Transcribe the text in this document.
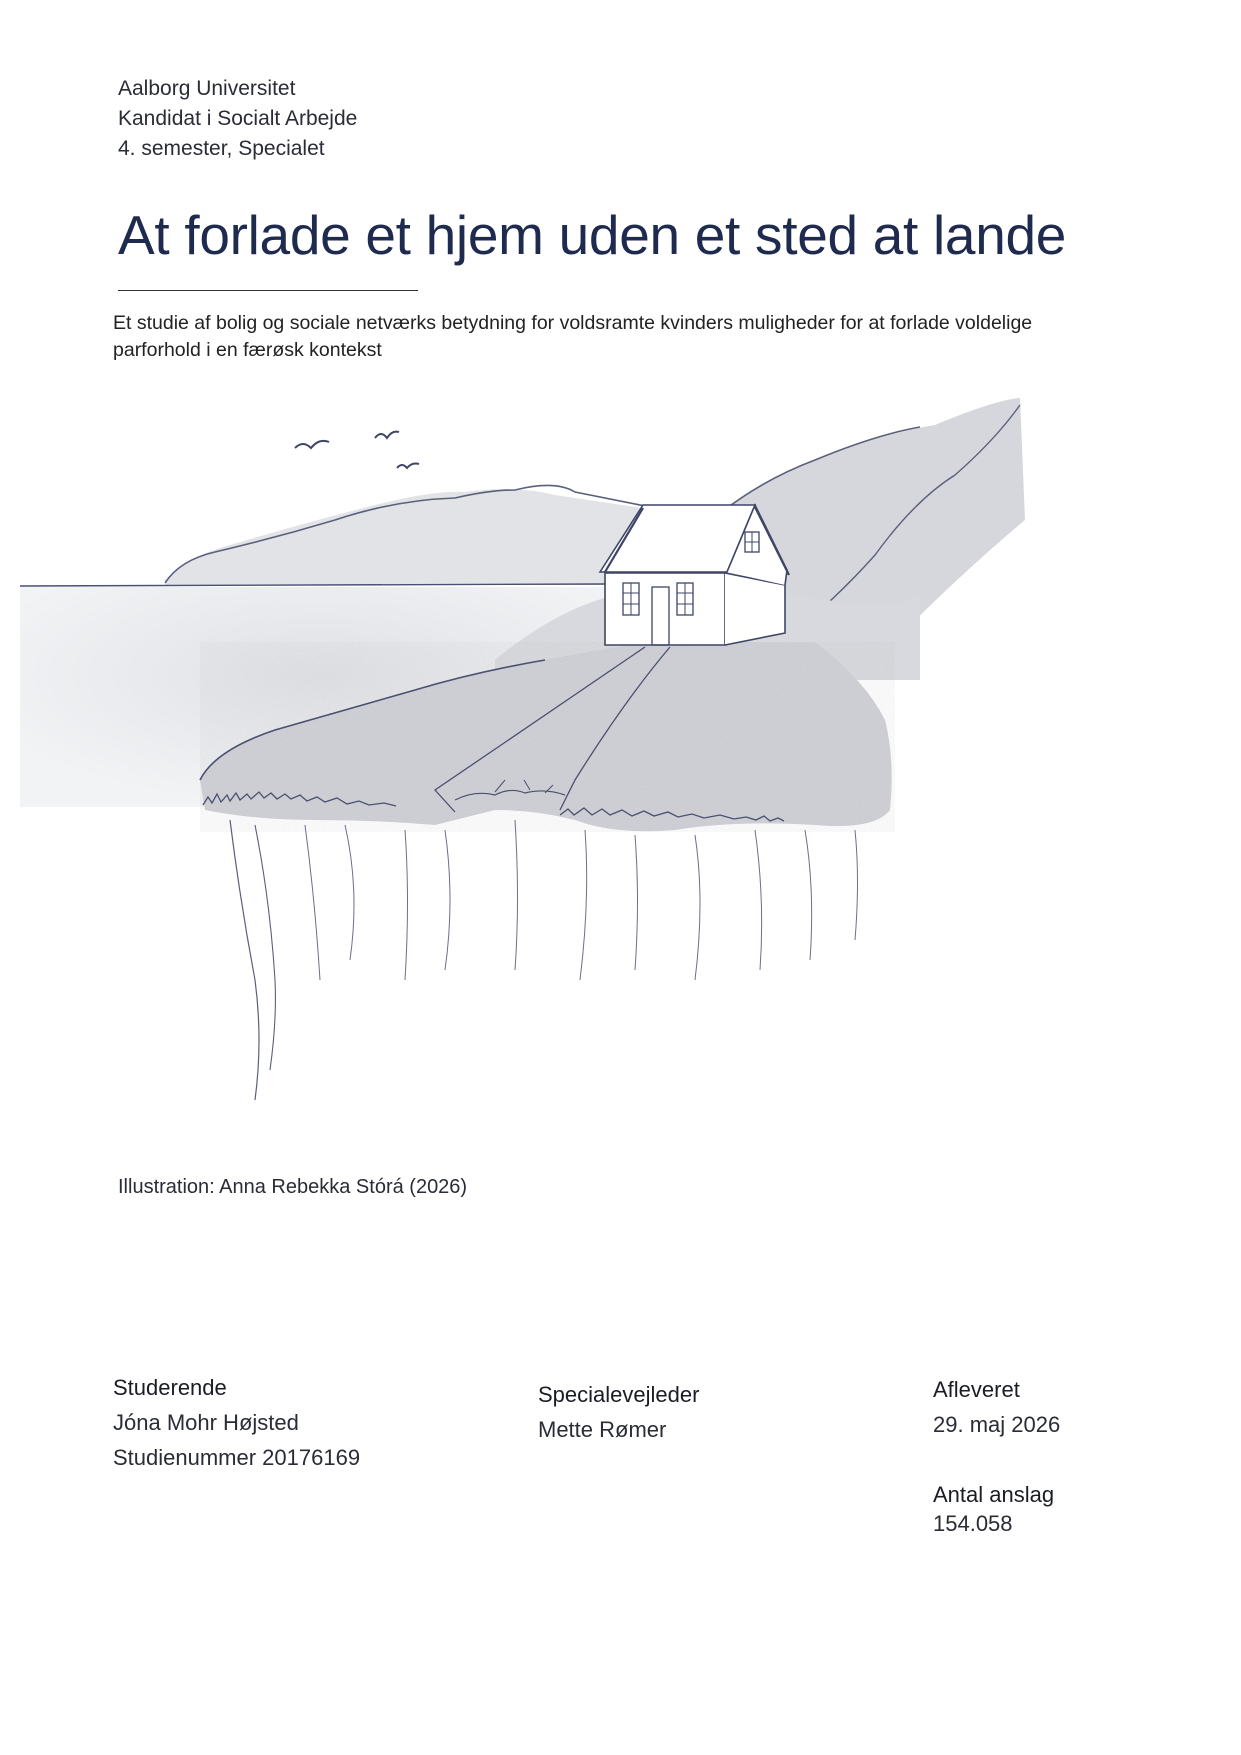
Aalborg Universitet
Kandidat i Socialt Arbejde
4. semester, Specialet
At forlade et hjem uden et sted at lande
Et studie af bolig og sociale netværks betydning for voldsramte kvinders muligheder for at forlade voldelige parforhold i en færøsk kontekst
Illustration: Anna Rebekka Stórá (2026)
Studerende
Jóna Mohr Højsted
Studienummer 20176169
Specialevejleder
Mette Rømer
Afleveret
29. maj 2026
Antal anslag
154.058
